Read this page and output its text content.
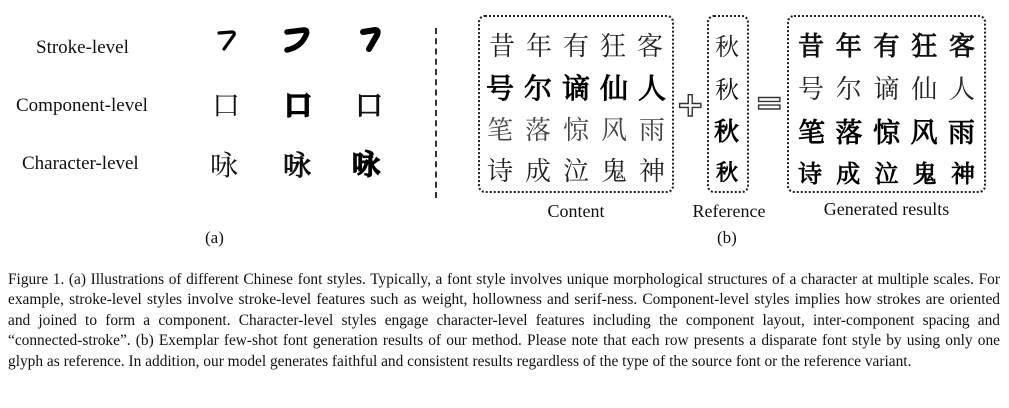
Stroke-level
Component-level
Character-level
口 口 口
咏 咏 咏
(a)
昔 年 有 狂 客
号 尔 谪 仙 人
笔 落 惊 风 雨
诗 成 泣 鬼 神
+
秋
秋
秋
秋
=
昔 年 有 狂 客
号 尔 谪 仙 人
笔 落 惊 风 雨
诗 成 泣 鬼 神
Content	Reference	Generated results
(b)
Figure 1. (a) Illustrations of different Chinese font styles. Typically, a font style involves unique morphological structures of a character at multiple scales. For example, stroke-level styles involve stroke-level features such as weight, hollowness and serif-ness. Component-level styles implies how strokes are oriented and joined to form a component. Character-level styles engage character-level features including the component layout, inter-component spacing and “connected-stroke”. (b) Exemplar few-shot font generation results of our method. Please note that each row presents a disparate font style by using only one glyph as reference. In addition, our model generates faithful and consistent results regardless of the type of the source font or the reference variant.
